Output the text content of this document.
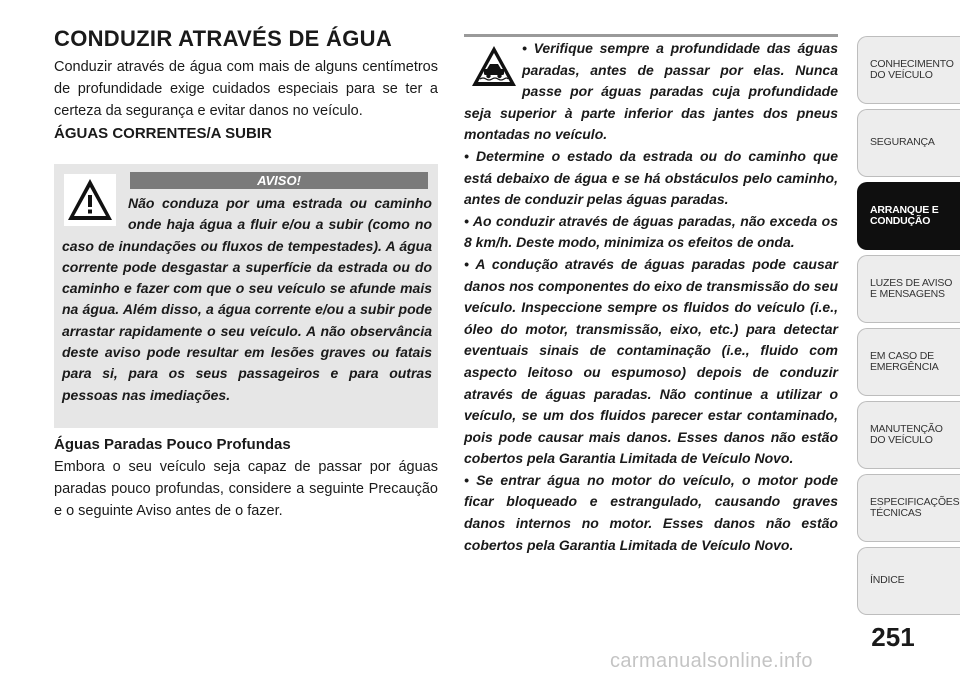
CONDUZIR ATRAVÉS DE ÁGUA

Conduzir através de água com mais de alguns centímetros de profundidade exige cuidados especiais para se ter a certeza da segurança e evitar danos no veículo.

ÁGUAS CORRENTES/A SUBIR
AVISO!

Não conduza por uma estrada ou caminho onde haja água a fluir e/ou a subir (como no caso de inundações ou fluxos de tempestades). A água corrente pode desgastar a superfície da estrada ou do caminho e fazer com que o seu veículo se afunde mais na água. Além disso, a água corrente e/ou a subir pode arrastar rapidamente o seu veículo. A não observância deste aviso pode resultar em lesões graves ou fatais para si, para os seus passageiros e para outras pessoas nas imediações.

Águas Paradas Pouco Profundas

Embora o seu veículo seja capaz de passar por águas paradas pouco profundas, considere a seguinte Precaução e o seguinte Aviso antes de o fazer.

• Verifique sempre a profundidade das águas paradas, antes de passar por elas. Nunca passe por águas paradas cuja profundidade seja superior à parte inferior das jantes dos pneus montadas no veículo.
• Determine o estado da estrada ou do caminho que está debaixo de água e se há obstáculos pelo caminho, antes de conduzir pelas águas paradas.
• Ao conduzir através de águas paradas, não exceda os 8 km/h. Deste modo, minimiza os efeitos de onda.
• A condução através de águas paradas pode causar danos nos componentes do eixo de transmissão do seu veículo. Inspeccione sempre os fluidos do veículo (i.e., óleo do motor, transmissão, eixo, etc.) para detectar eventuais sinais de contaminação (i.e., fluido com aspecto leitoso ou espumoso) depois de conduzir através de águas paradas. Não continue a utilizar o veículo, se um dos fluidos parecer estar contaminado, pois pode causar mais danos. Esses danos não estão cobertos pela Garantia Limitada de Veículo Novo.
• Se entrar água no motor do veículo, o motor pode ficar bloqueado e estrangulado, causando graves danos internos no motor. Esses danos não estão cobertos pela Garantia Limitada de Veículo Novo.
CONHECIMENTO DO VEÍCULO
SEGURANÇA
ARRANQUE E CONDUÇÃO
LUZES DE AVISO E MENSAGENS
EM CASO DE EMERGÊNCIA
MANUTENÇÃO DO VEÍCULO
ESPECIFICAÇÕES TÉCNICAS
ÍNDICE

251

carmanualsonline.info
